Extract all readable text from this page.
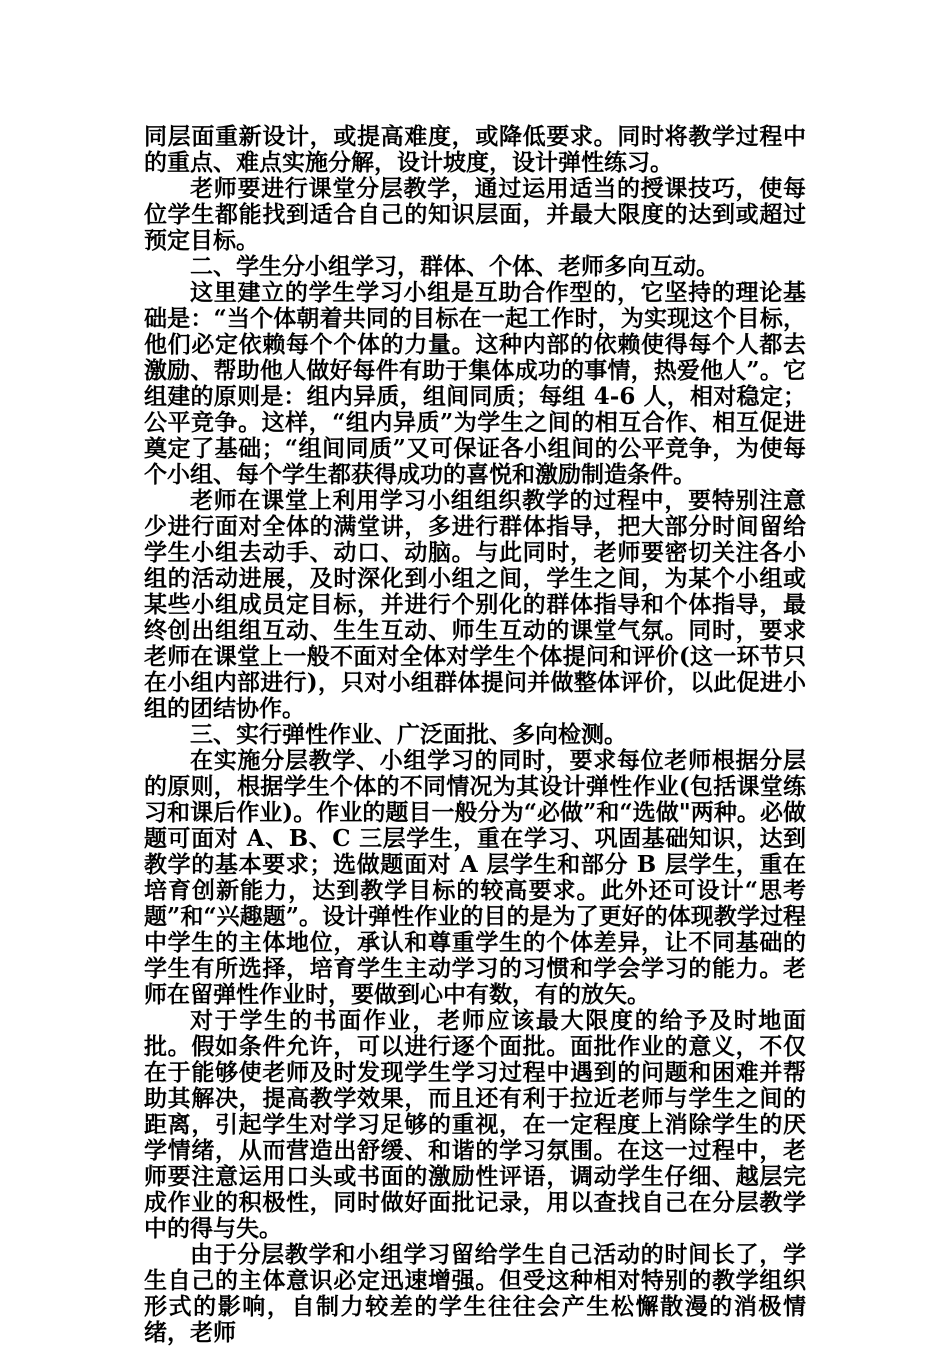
同层面重新设计，或提高难度，或降低要求。同时将教学过程中的重点、难点实施分解，设计坡度，设计弹性练习。

老师要进行课堂分层教学，通过运用适当的授课技巧，使每位学生都能找到适合自己的知识层面，并最大限度的达到或超过预定目标。

二、学生分小组学习，群体、个体、老师多向互动。

这里建立的学生学习小组是互助合作型的，它坚持的理论基础是：“当个体朝着共同的目标在一起工作时，为实现这个目标，他们必定依赖每个个体的力量。这种内部的依赖使得每个人都去激励、帮助他人做好每件有助于集体成功的事情，热爱他人”。它组建的原则是：组内异质，组间同质；每组 4-6 人，相对稳定；公平竞争。这样，“组内异质”为学生之间的相互合作、相互促进奠定了基础；“组间同质”又可保证各小组间的公平竞争，为使每个小组、每个学生都获得成功的喜悦和激励制造条件。

老师在课堂上利用学习小组组织教学的过程中，要特别注意少进行面对全体的满堂讲，多进行群体指导，把大部分时间留给学生小组去动手、动口、动脑。与此同时，老师要密切关注各小组的活动进展，及时深化到小组之间，学生之间，为某个小组或某些小组成员定目标，并进行个别化的群体指导和个体指导，最终创出组组互动、生生互动、师生互动的课堂气氛。同时，要求老师在课堂上一般不面对全体对学生个体提问和评价(这一环节只在小组内部进行)，只对小组群体提问并做整体评价，以此促进小组的团结协作。

三、实行弹性作业、广泛面批、多向检测。

在实施分层教学、小组学习的同时，要求每位老师根据分层的原则，根据学生个体的不同情况为其设计弹性作业(包括课堂练习和课后作业)。作业的题目一般分为“必做”和“选做"两种。必做题可面对 A、B、C 三层学生，重在学习、巩固基础知识，达到教学的基本要求；选做题面对 A 层学生和部分 B 层学生，重在培育创新能力，达到教学目标的较高要求。此外还可设计“思考题”和“兴趣题”。设计弹性作业的目的是为了更好的体现教学过程中学生的主体地位，承认和尊重学生的个体差异，让不同基础的学生有所选择，培育学生主动学习的习惯和学会学习的能力。老师在留弹性作业时，要做到心中有数，有的放矢。

对于学生的书面作业，老师应该最大限度的给予及时地面批。假如条件允许，可以进行逐个面批。面批作业的意义，不仅在于能够使老师及时发现学生学习过程中遇到的问题和困难并帮助其解决，提高教学效果，而且还有利于拉近老师与学生之间的距离，引起学生对学习足够的重视，在一定程度上消除学生的厌学情绪，从而营造出舒缓、和谐的学习氛围。在这一过程中，老师要注意运用口头或书面的激励性评语，调动学生仔细、越层完成作业的积极性，同时做好面批记录，用以查找自己在分层教学中的得与失。

由于分层教学和小组学习留给学生自己活动的时间长了，学生自己的主体意识必定迅速增强。但受这种相对特别的教学组织形式的影响，自制力较差的学生往往会产生松懈散漫的消极情绪，老师
